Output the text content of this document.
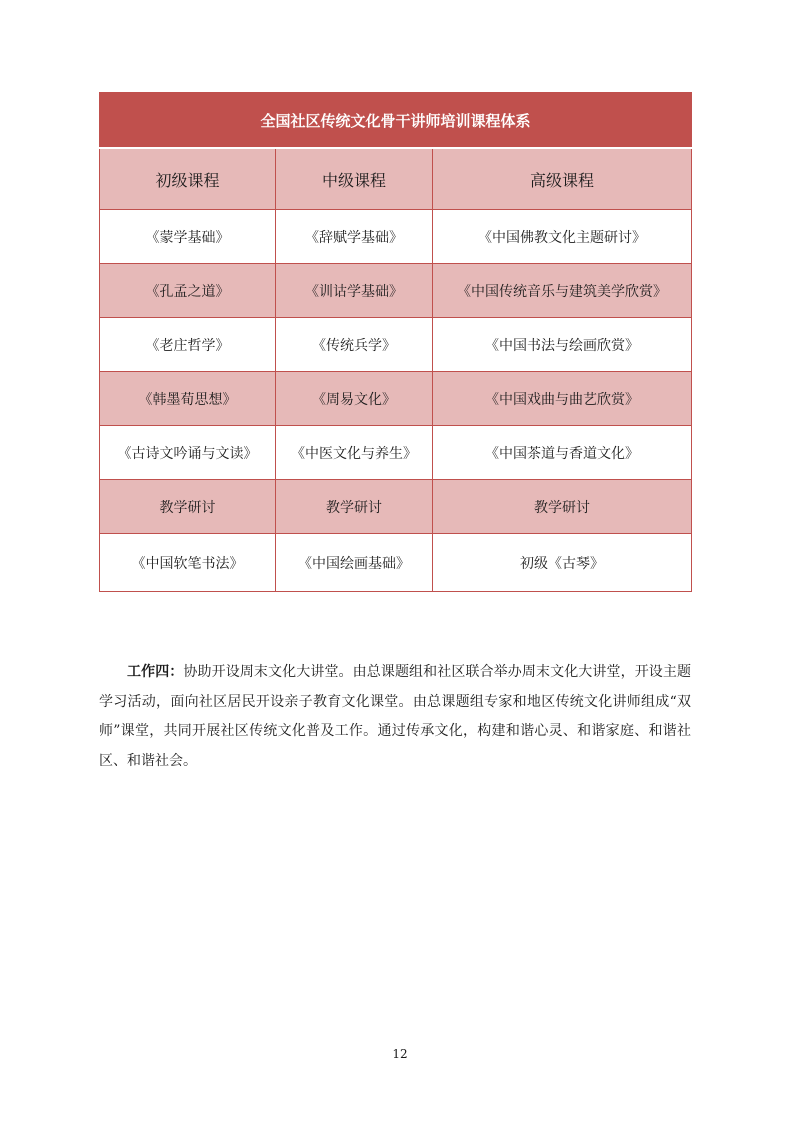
全国社区传统文化骨干讲师培训课程体系		
初级课程	中级课程	高级课程
《蒙学基础》	《辞赋学基础》	《中国佛教文化主题研讨》
《孔孟之道》	《训诂学基础》	《中国传统音乐与建筑美学欣赏》
《老庄哲学》	《传统兵学》	《中国书法与绘画欣赏》
《韩墨荀思想》	《周易文化》	《中国戏曲与曲艺欣赏》
《古诗文吟诵与文读》	《中医文化与养生》	《中国茶道与香道文化》
教学研讨	教学研讨	教学研讨
《中国软笔书法》	《中国绘画基础》	初级《古琴》

工作四：协助开设周末文化大讲堂。由总课题组和社区联合举办周末文化大讲堂，开设主题学习活动，面向社区居民开设亲子教育文化课堂。由总课题组专家和地区传统文化讲师组成“双师”课堂，共同开展社区传统文化普及工作。通过传承文化，构建和谐心灵、和谐家庭、和谐社区、和谐社会。

12
